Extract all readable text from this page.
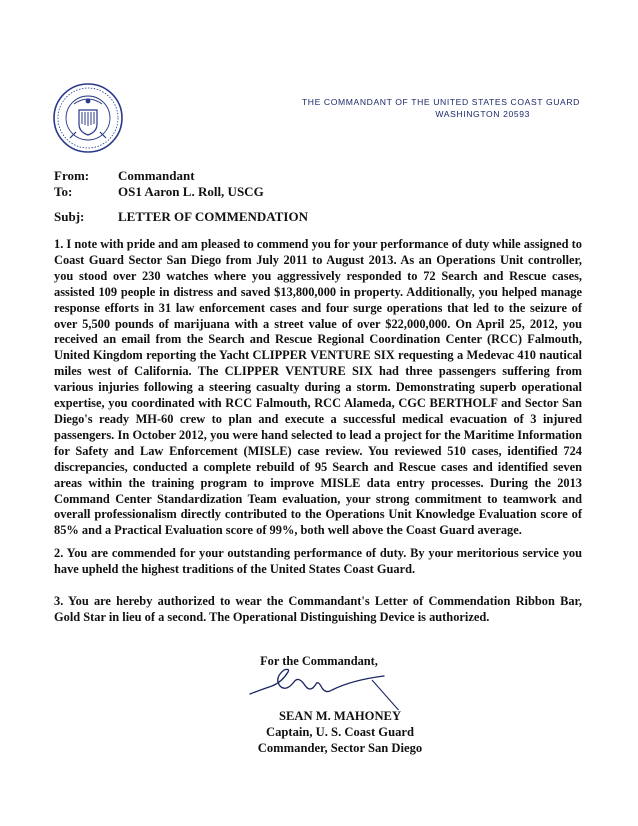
THE COMMANDANT OF THE UNITED STATES COAST GUARD
WASHINGTON 20593
From: Commandant
To:	OS1 Aaron L. Roll, USCG
Subj:	LETTER OF COMMENDATION

1. I note with pride and am pleased to commend you for your performance of duty while assigned to Coast Guard Sector San Diego from July 2011 to August 2013. As an Operations Unit controller, you stood over 230 watches where you aggressively responded to 72 Search and Rescue cases, assisted 109 people in distress and saved $13,800,000 in property. Additionally, you helped manage response efforts in 31 law enforcement cases and four surge operations that led to the seizure of over 5,500 pounds of marijuana with a street value of over $22,000,000. On April 25, 2012, you received an email from the Search and Rescue Regional Coordination Center (RCC) Falmouth, United Kingdom reporting the Yacht CLIPPER VENTURE SIX requesting a Medevac 410 nautical miles west of California. The CLIPPER VENTURE SIX had three passengers suffering from various injuries following a steering casualty during a storm. Demonstrating superb operational expertise, you coordinated with RCC Falmouth, RCC Alameda, CGC BERTHOLF and Sector San Diego's ready MH-60 crew to plan and execute a successful medical evacuation of 3 injured passengers. In October 2012, you were hand selected to lead a project for the Maritime Information for Safety and Law Enforcement (MISLE) case review. You reviewed 510 cases, identified 724 discrepancies, conducted a complete rebuild of 95 Search and Rescue cases and identified seven areas within the training program to improve MISLE data entry processes. During the 2013 Command Center Standardization Team evaluation, your strong commitment to teamwork and overall professionalism directly contributed to the Operations Unit Knowledge Evaluation score of 85% and a Practical Evaluation score of 99%, both well above the Coast Guard average.

2. You are commended for your outstanding performance of duty. By your meritorious service you have upheld the highest traditions of the United States Coast Guard.

3. You are hereby authorized to wear the Commandant's Letter of Commendation Ribbon Bar, Gold Star in lieu of a second. The Operational Distinguishing Device is authorized.

For the Commandant,
SEAN M. MAHONEY
Captain, U. S. Coast Guard
Commander, Sector San Diego
